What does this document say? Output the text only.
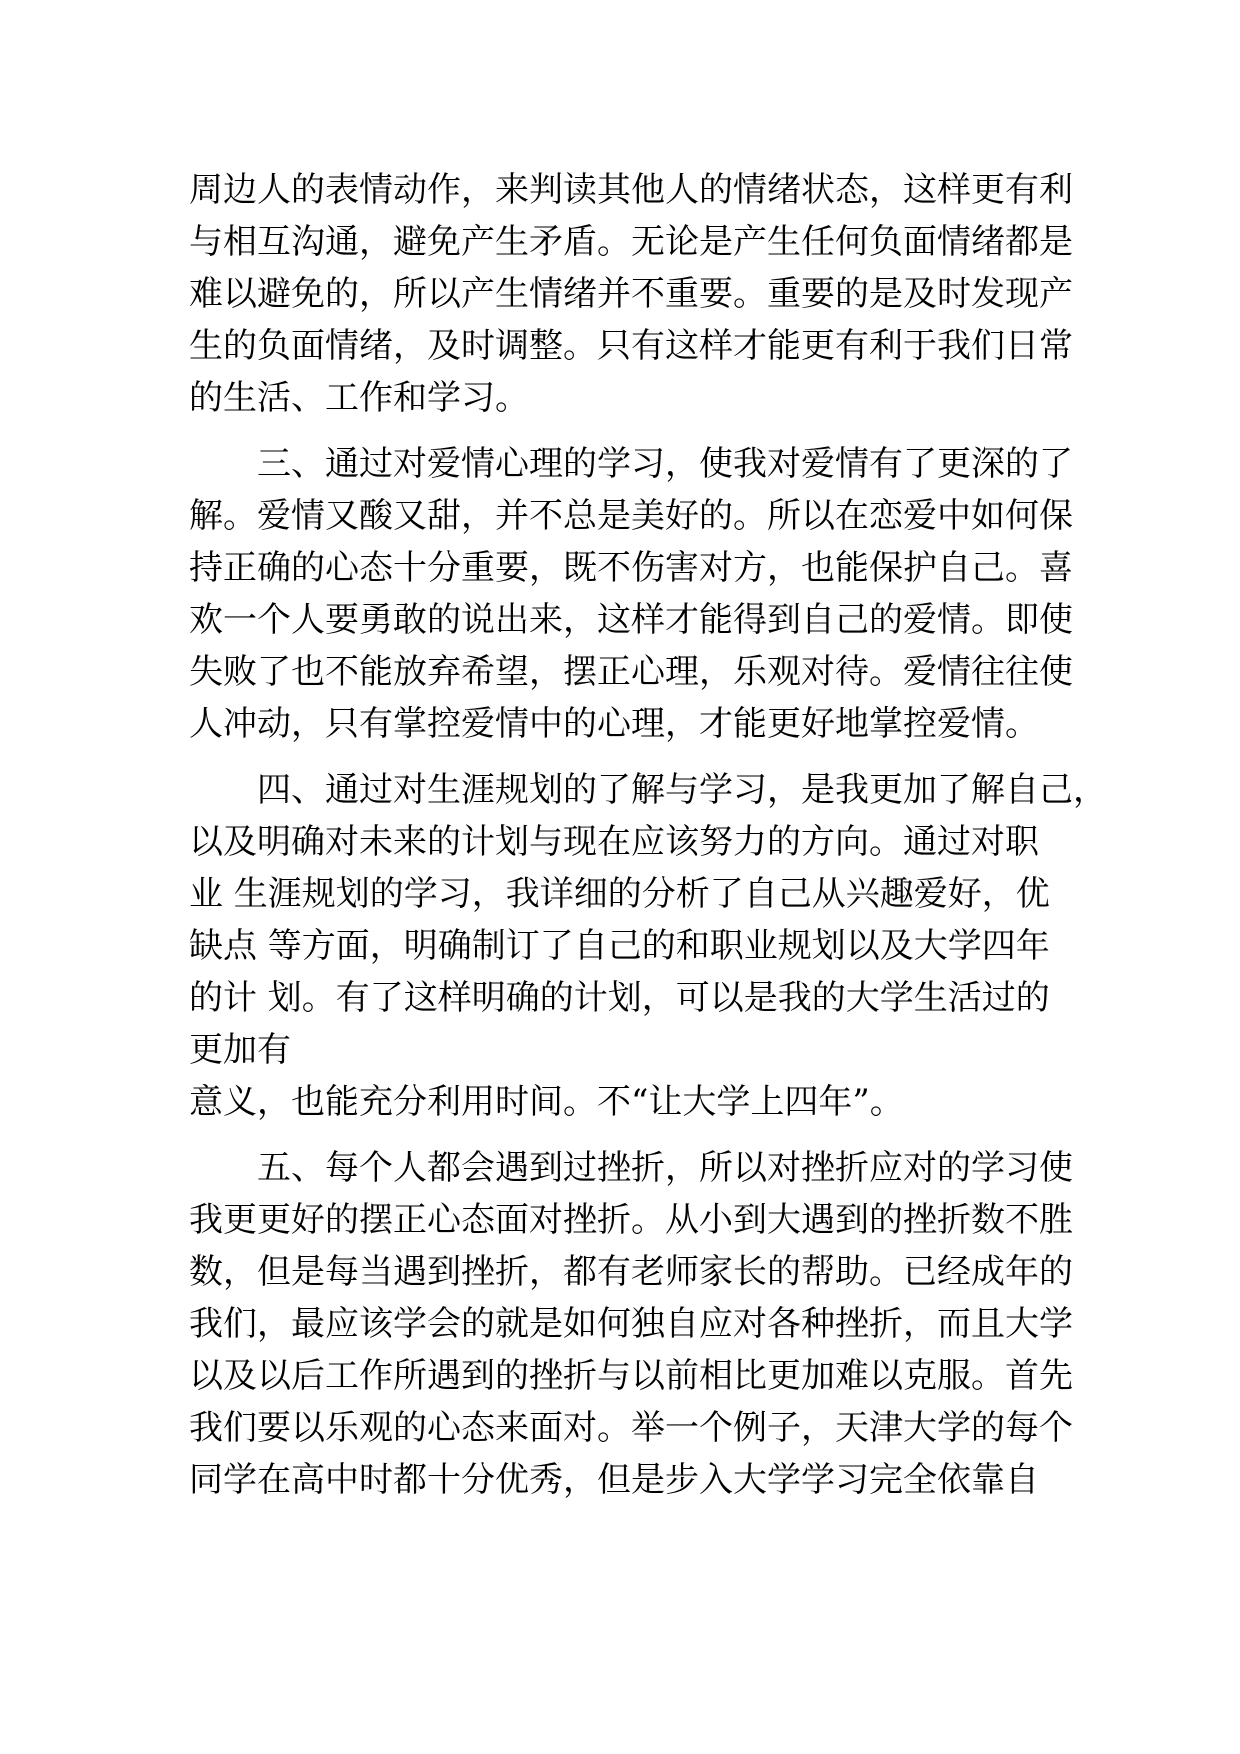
周边人的表情动作，来判读其他人的情绪状态，这样更有利
与相互沟通，避免产生矛盾。无论是产生任何负面情绪都是
难以避免的，所以产生情绪并不重要。重要的是及时发现产
生的负面情绪，及时调整。只有这样才能更有利于我们日常
的生活、工作和学习。
三、通过对爱情心理的学习，使我对爱情有了更深的了
解。爱情又酸又甜，并不总是美好的。所以在恋爱中如何保
持正确的心态十分重要，既不伤害对方，也能保护自己。喜
欢一个人要勇敢的说出来，这样才能得到自己的爱情。即使
失败了也不能放弃希望，摆正心理，乐观对待。爱情往往使
人冲动，只有掌控爱情中的心理，才能更好地掌控爱情。
四、通过对生涯规划的了解与学习，是我更加了解自己，
以及明确对未来的计划与现在应该努力的方向。通过对职
业 生涯规划的学习，我详细的分析了自己从兴趣爱好，优
缺点 等方面，明确制订了自己的和职业规划以及大学四年
的计 划。有了这样明确的计划，可以是我的大学生活过的
更加有
意义，也能充分利用时间。不“让大学上四年”。
五、每个人都会遇到过挫折，所以对挫折应对的学习使
我更更好的摆正心态面对挫折。从小到大遇到的挫折数不胜
数，但是每当遇到挫折，都有老师家长的帮助。已经成年的
我们，最应该学会的就是如何独自应对各种挫折，而且大学
以及以后工作所遇到的挫折与以前相比更加难以克服。首先
我们要以乐观的心态来面对。举一个例子，天津大学的每个
同学在高中时都十分优秀，但是步入大学学习完全依靠自
